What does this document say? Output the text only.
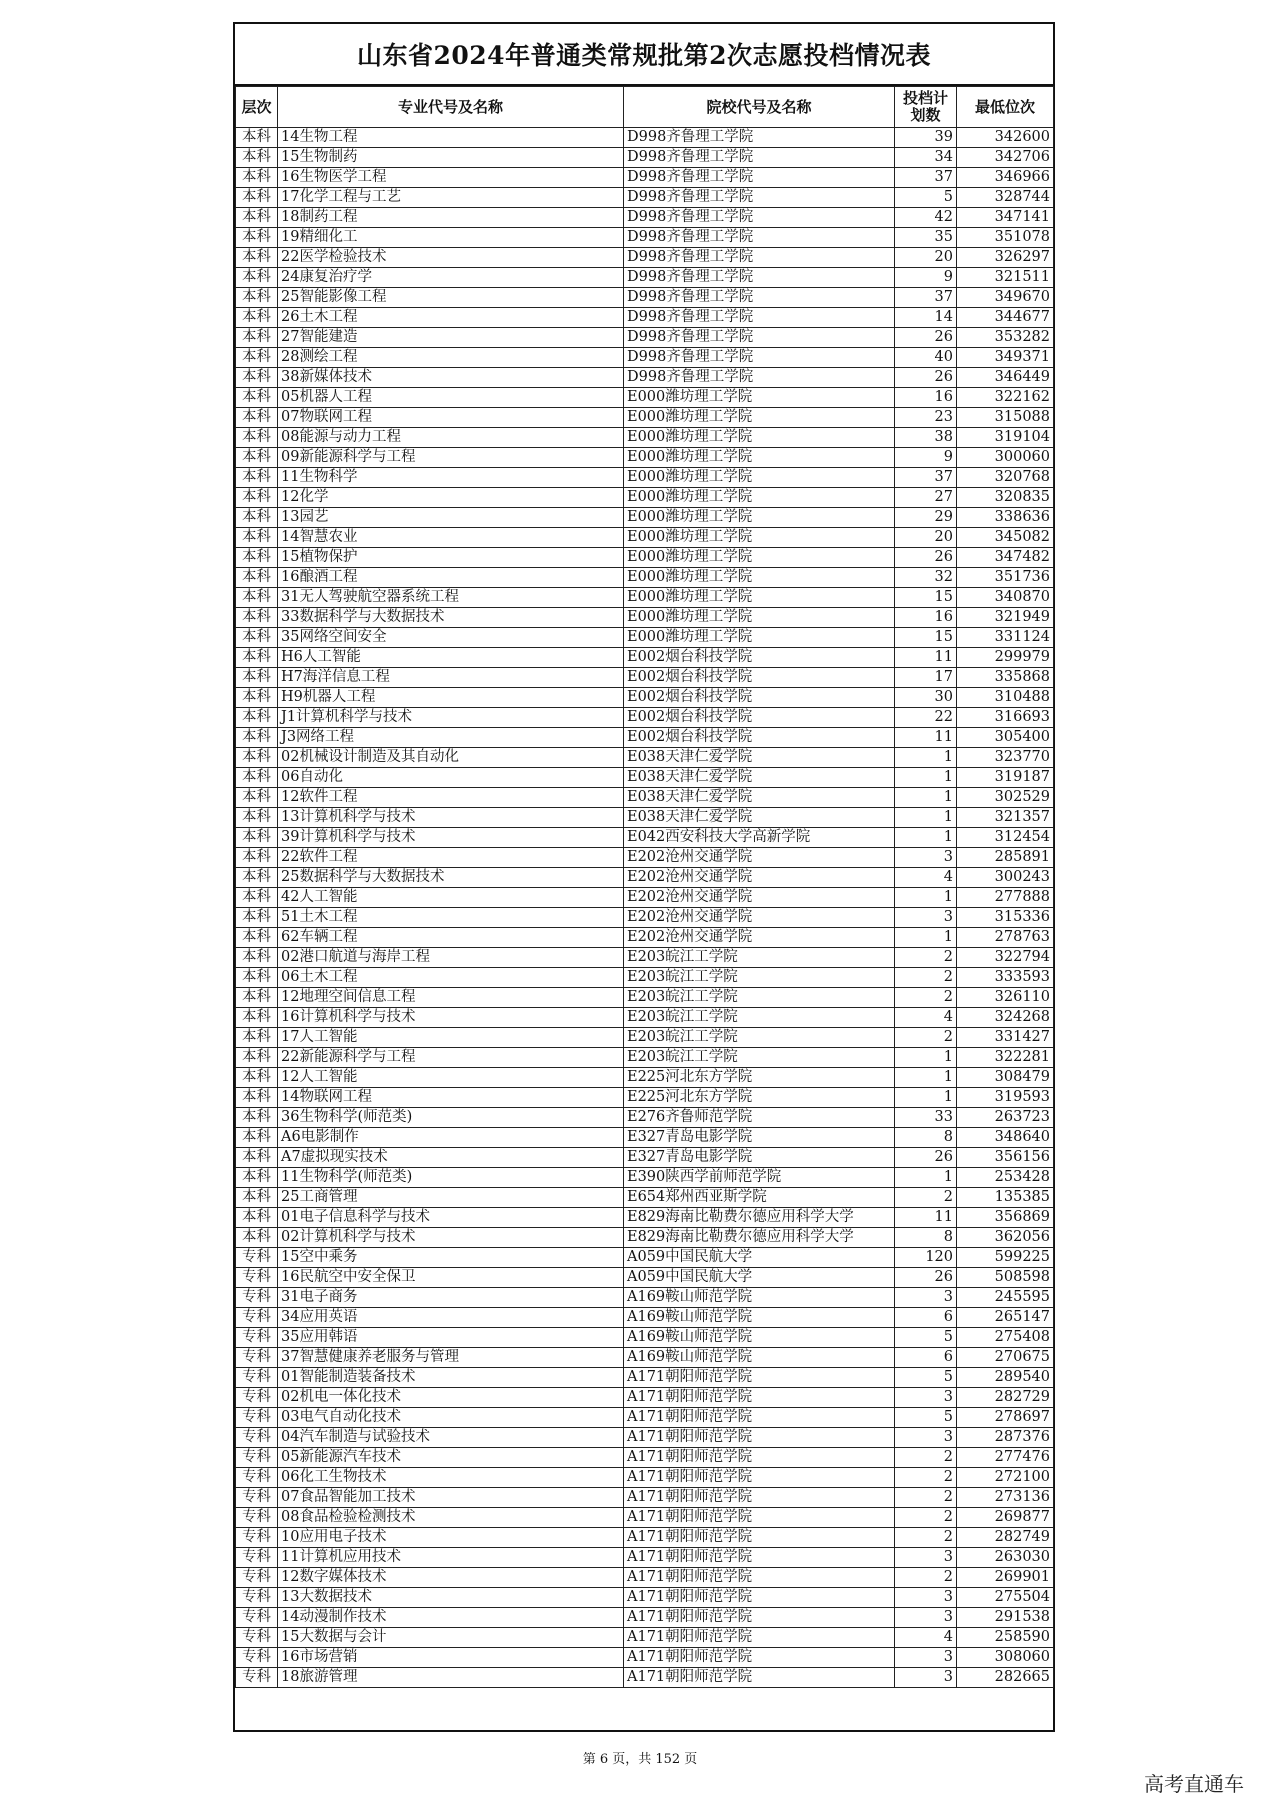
山东省2024年普通类常规批第2次志愿投档情况表
层次	专业代号及名称	院校代号及名称	投档计划数	最低位次
本科	14生物工程	D998齐鲁理工学院	39	342600
本科	15生物制药	D998齐鲁理工学院	34	342706
本科	16生物医学工程	D998齐鲁理工学院	37	346966
本科	17化学工程与工艺	D998齐鲁理工学院	5	328744
本科	18制药工程	D998齐鲁理工学院	42	347141
本科	19精细化工	D998齐鲁理工学院	35	351078
本科	22医学检验技术	D998齐鲁理工学院	20	326297
本科	24康复治疗学	D998齐鲁理工学院	9	321511
本科	25智能影像工程	D998齐鲁理工学院	37	349670
本科	26土木工程	D998齐鲁理工学院	14	344677
本科	27智能建造	D998齐鲁理工学院	26	353282
本科	28测绘工程	D998齐鲁理工学院	40	349371
本科	38新媒体技术	D998齐鲁理工学院	26	346449
本科	05机器人工程	E000潍坊理工学院	16	322162
本科	07物联网工程	E000潍坊理工学院	23	315088
本科	08能源与动力工程	E000潍坊理工学院	38	319104
本科	09新能源科学与工程	E000潍坊理工学院	9	300060
本科	11生物科学	E000潍坊理工学院	37	320768
本科	12化学	E000潍坊理工学院	27	320835
本科	13园艺	E000潍坊理工学院	29	338636
本科	14智慧农业	E000潍坊理工学院	20	345082
本科	15植物保护	E000潍坊理工学院	26	347482
本科	16酿酒工程	E000潍坊理工学院	32	351736
本科	31无人驾驶航空器系统工程	E000潍坊理工学院	15	340870
本科	33数据科学与大数据技术	E000潍坊理工学院	16	321949
本科	35网络空间安全	E000潍坊理工学院	15	331124
本科	H6人工智能	E002烟台科技学院	11	299979
本科	H7海洋信息工程	E002烟台科技学院	17	335868
本科	H9机器人工程	E002烟台科技学院	30	310488
本科	J1计算机科学与技术	E002烟台科技学院	22	316693
本科	J3网络工程	E002烟台科技学院	11	305400
本科	02机械设计制造及其自动化	E038天津仁爱学院	1	323770
本科	06自动化	E038天津仁爱学院	1	319187
本科	12软件工程	E038天津仁爱学院	1	302529
本科	13计算机科学与技术	E038天津仁爱学院	1	321357
本科	39计算机科学与技术	E042西安科技大学高新学院	1	312454
本科	22软件工程	E202沧州交通学院	3	285891
本科	25数据科学与大数据技术	E202沧州交通学院	4	300243
本科	42人工智能	E202沧州交通学院	1	277888
本科	51土木工程	E202沧州交通学院	3	315336
本科	62车辆工程	E202沧州交通学院	1	278763
本科	02港口航道与海岸工程	E203皖江工学院	2	322794
本科	06土木工程	E203皖江工学院	2	333593
本科	12地理空间信息工程	E203皖江工学院	2	326110
本科	16计算机科学与技术	E203皖江工学院	4	324268
本科	17人工智能	E203皖江工学院	2	331427
本科	22新能源科学与工程	E203皖江工学院	1	322281
本科	12人工智能	E225河北东方学院	1	308479
本科	14物联网工程	E225河北东方学院	1	319593
本科	36生物科学(师范类)	E276齐鲁师范学院	33	263723
本科	A6电影制作	E327青岛电影学院	8	348640
本科	A7虚拟现实技术	E327青岛电影学院	26	356156
本科	11生物科学(师范类)	E390陕西学前师范学院	1	253428
本科	25工商管理	E654郑州西亚斯学院	2	135385
本科	01电子信息科学与技术	E829海南比勒费尔德应用科学大学	11	356869
本科	02计算机科学与技术	E829海南比勒费尔德应用科学大学	8	362056
专科	15空中乘务	A059中国民航大学	120	599225
专科	16民航空中安全保卫	A059中国民航大学	26	508598
专科	31电子商务	A169鞍山师范学院	3	245595
专科	34应用英语	A169鞍山师范学院	6	265147
专科	35应用韩语	A169鞍山师范学院	5	275408
专科	37智慧健康养老服务与管理	A169鞍山师范学院	6	270675
专科	01智能制造装备技术	A171朝阳师范学院	5	289540
专科	02机电一体化技术	A171朝阳师范学院	3	282729
专科	03电气自动化技术	A171朝阳师范学院	5	278697
专科	04汽车制造与试验技术	A171朝阳师范学院	3	287376
专科	05新能源汽车技术	A171朝阳师范学院	2	277476
专科	06化工生物技术	A171朝阳师范学院	2	272100
专科	07食品智能加工技术	A171朝阳师范学院	2	273136
专科	08食品检验检测技术	A171朝阳师范学院	2	269877
专科	10应用电子技术	A171朝阳师范学院	2	282749
专科	11计算机应用技术	A171朝阳师范学院	3	263030
专科	12数字媒体技术	A171朝阳师范学院	2	269901
专科	13大数据技术	A171朝阳师范学院	3	275504
专科	14动漫制作技术	A171朝阳师范学院	3	291538
专科	15大数据与会计	A171朝阳师范学院	4	258590
专科	16市场营销	A171朝阳师范学院	3	308060
专科	18旅游管理	A171朝阳师范学院	3	282665
第 6 页，共 152 页
高考直通车
